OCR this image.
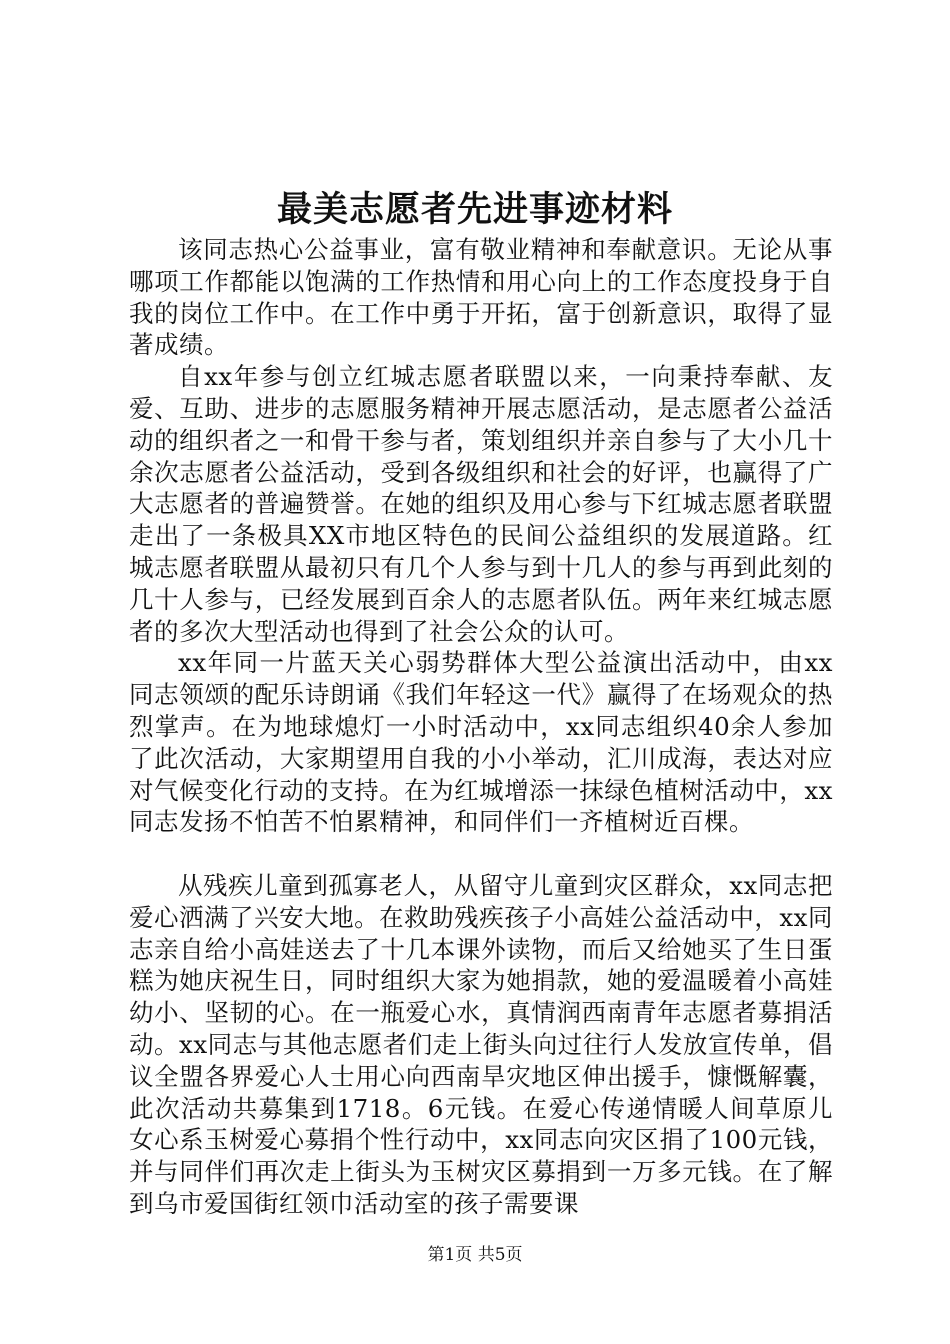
最美志愿者先进事迹材料

该同志热心公益事业，富有敬业精神和奉献意识。无论从事哪项工作都能以饱满的工作热情和用心向上的工作态度投身于自我的岗位工作中。在工作中勇于开拓，富于创新意识，取得了显著成绩。

自xx年参与创立红城志愿者联盟以来，一向秉持奉献、友爱、互助、进步的志愿服务精神开展志愿活动，是志愿者公益活动的组织者之一和骨干参与者，策划组织并亲自参与了大小几十余次志愿者公益活动，受到各级组织和社会的好评，也赢得了广大志愿者的普遍赞誉。在她的组织及用心参与下红城志愿者联盟走出了一条极具XX市地区特色的民间公益组织的发展道路。红城志愿者联盟从最初只有几个人参与到十几人的参与再到此刻的几十人参与，已经发展到百余人的志愿者队伍。两年来红城志愿者的多次大型活动也得到了社会公众的认可。

xx年同一片蓝天关心弱势群体大型公益演出活动中，由xx同志领颂的配乐诗朗诵《我们年轻这一代》赢得了在场观众的热烈掌声。在为地球熄灯一小时活动中，xx同志组织40余人参加了此次活动，大家期望用自我的小小举动，汇川成海，表达对应对气候变化行动的支持。在为红城增添一抹绿色植树活动中，xx同志发扬不怕苦不怕累精神，和同伴们一齐植树近百棵。

从残疾儿童到孤寡老人，从留守儿童到灾区群众，xx同志把爱心洒满了兴安大地。在救助残疾孩子小高娃公益活动中，xx同志亲自给小高娃送去了十几本课外读物，而后又给她买了生日蛋糕为她庆祝生日，同时组织大家为她捐款，她的爱温暖着小高娃幼小、坚韧的心。在一瓶爱心水，真情润西南青年志愿者募捐活动。xx同志与其他志愿者们走上街头向过往行人发放宣传单，倡议全盟各界爱心人士用心向西南旱灾地区伸出援手，慷慨解囊，此次活动共募集到1718。6元钱。在爱心传递情暖人间草原儿女心系玉树爱心募捐个性行动中，xx同志向灾区捐了100元钱，并与同伴们再次走上街头为玉树灾区募捐到一万多元钱。在了解到乌市爱国街红领巾活动室的孩子需要课

第1页 共5页
